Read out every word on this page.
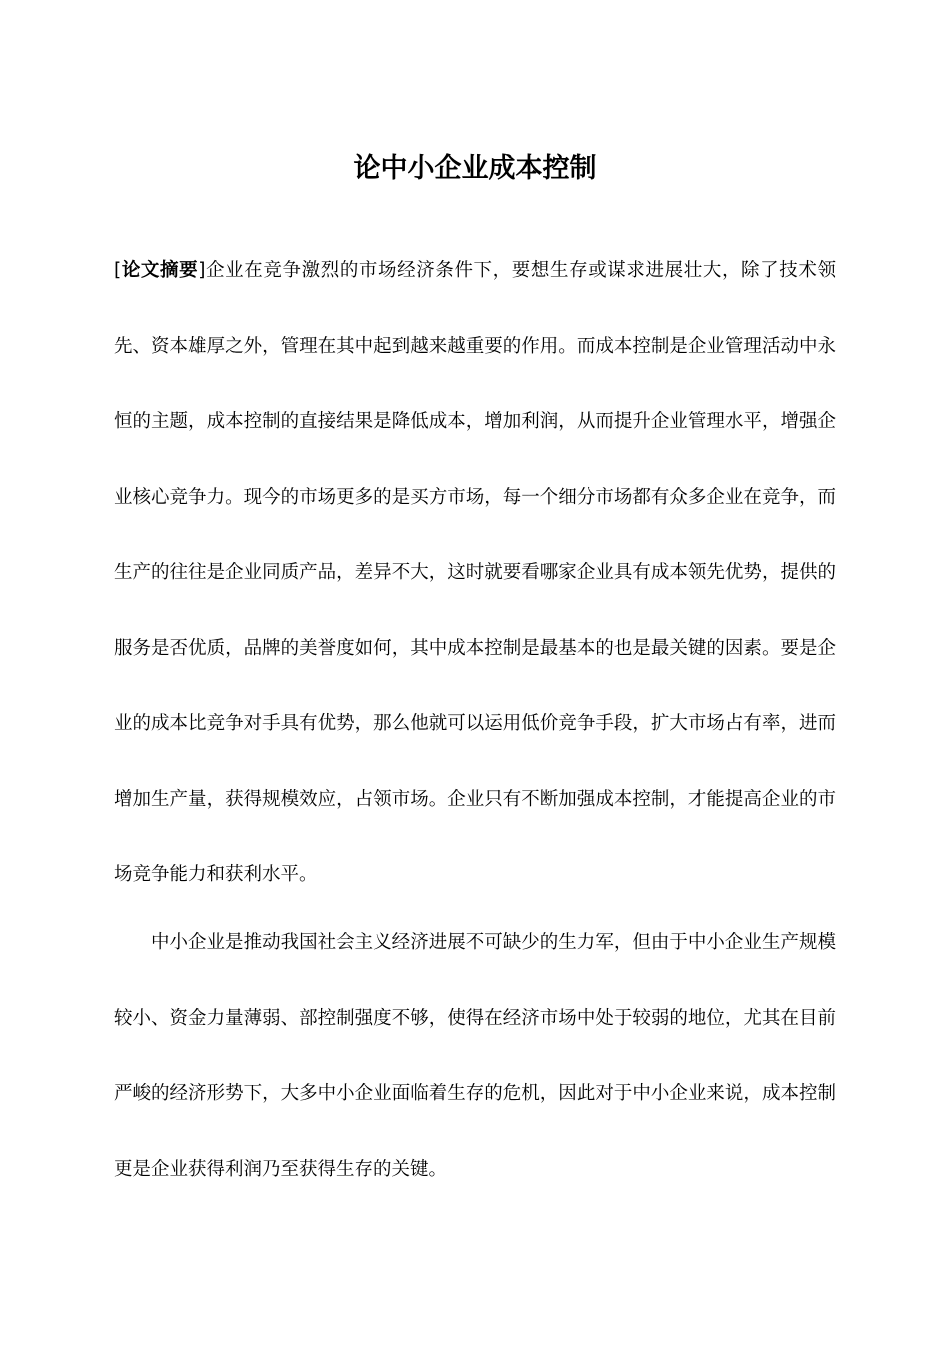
论中小企业成本控制

[论文摘要]企业在竞争激烈的市场经济条件下，要想生存或谋求进展壮大，除了技术领先、资本雄厚之外，管理在其中起到越来越重要的作用。而成本控制是企业管理活动中永恒的主题，成本控制的直接结果是降低成本，增加利润，从而提升企业管理水平，增强企业核心竞争力。现今的市场更多的是买方市场，每一个细分市场都有众多企业在竞争，而生产的往往是企业同质产品，差异不大，这时就要看哪家企业具有成本领先优势，提供的服务是否优质，品牌的美誉度如何，其中成本控制是最基本的也是最关键的因素。要是企业的成本比竞争对手具有优势，那么他就可以运用低价竞争手段，扩大市场占有率，进而增加生产量，获得规模效应，占领市场。企业只有不断加强成本控制，才能提高企业的市场竞争能力和获利水平。

中小企业是推动我国社会主义经济进展不可缺少的生力军，但由于中小企业生产规模较小、资金力量薄弱、部控制强度不够，使得在经济市场中处于较弱的地位，尤其在目前严峻的经济形势下，大多中小企业面临着生存的危机，因此对于中小企业来说，成本控制更是企业获得利润乃至获得生存的关键。
